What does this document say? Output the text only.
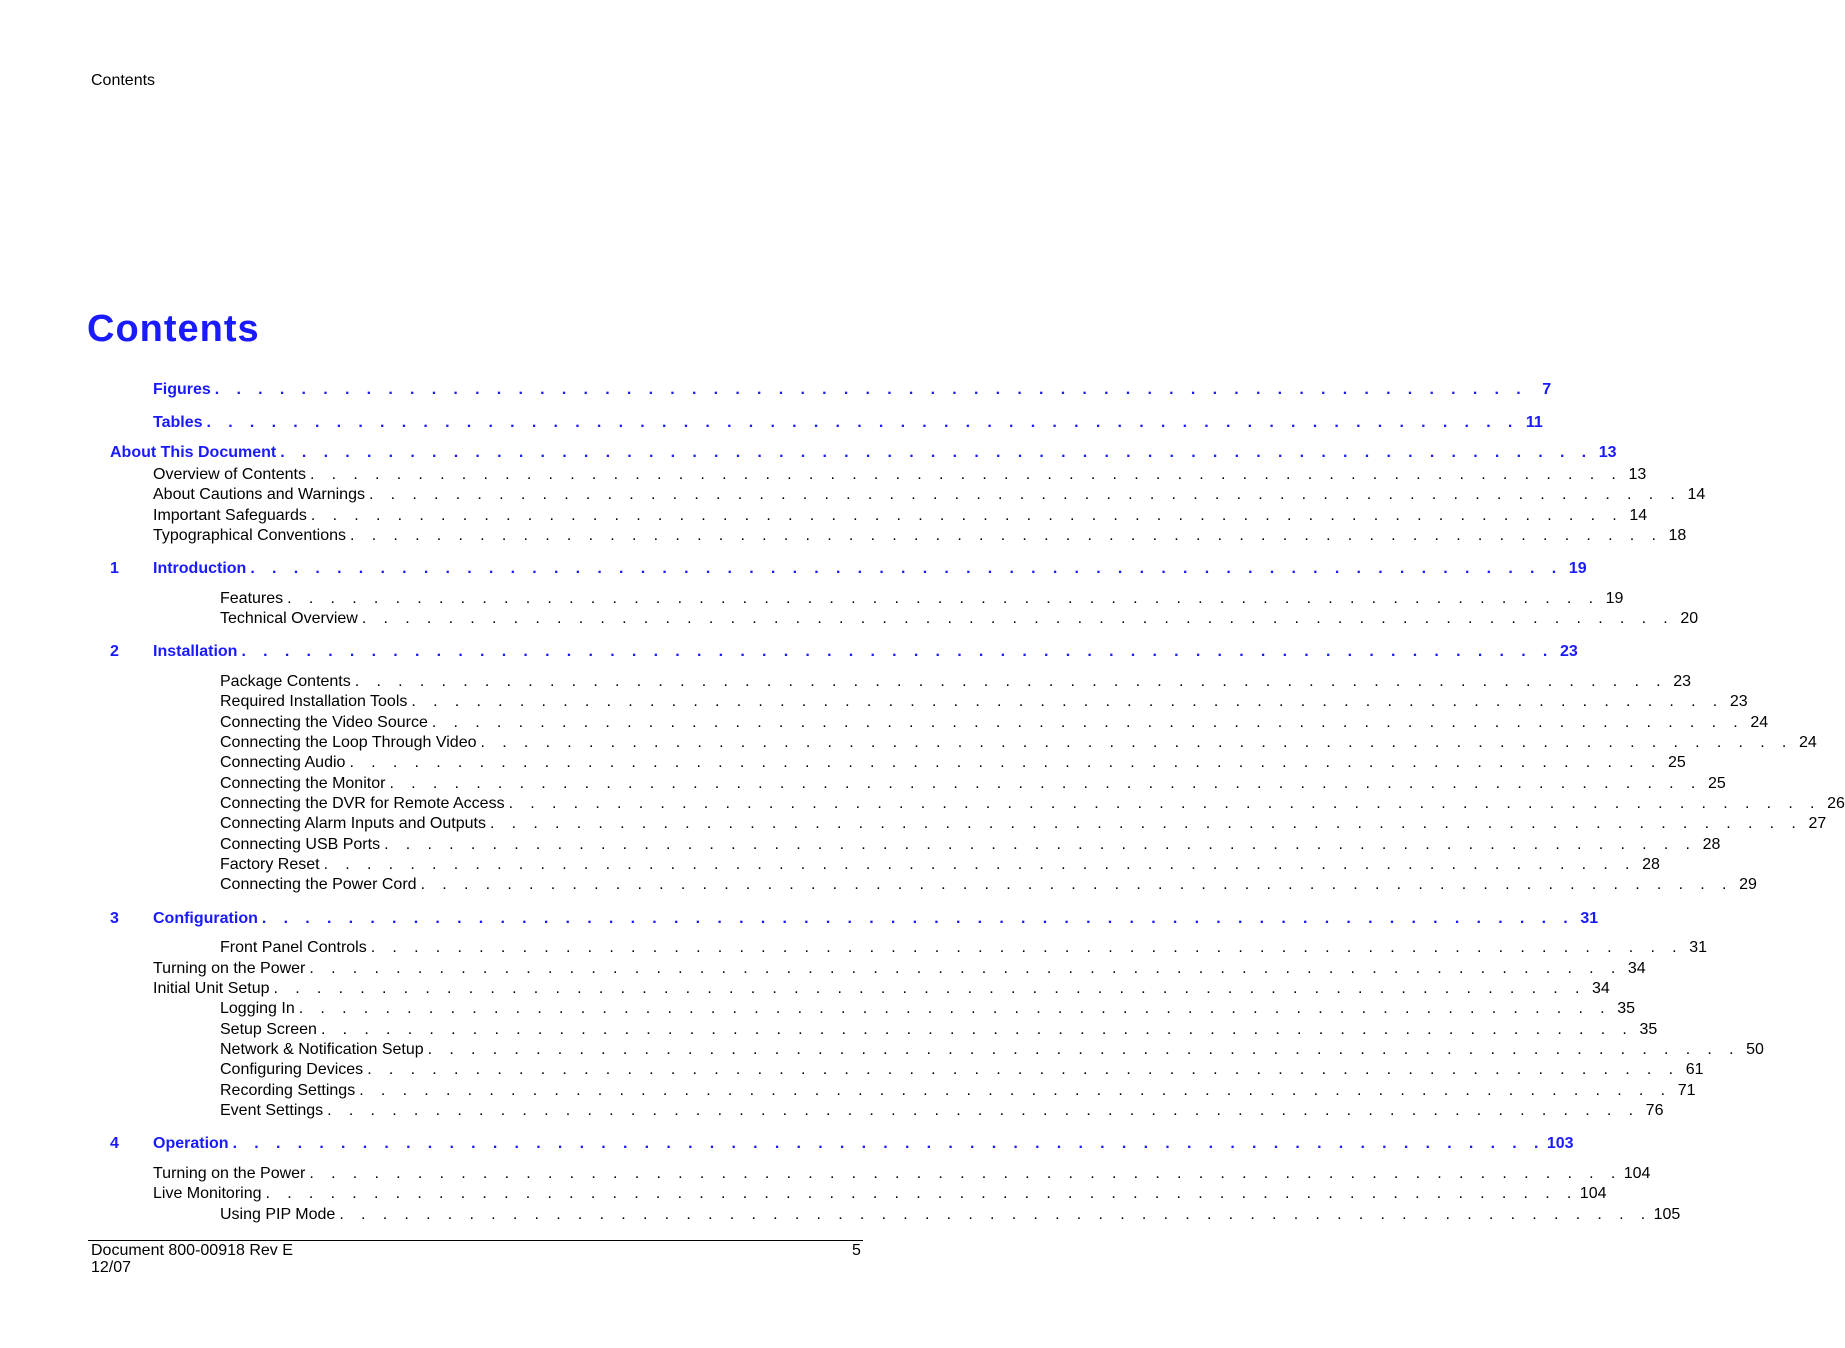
Contents
Contents
Figures . . . . . . . . . . . . . . . . . . . . . . . . . . . . . . . . . . . . . . . . . . . . . . . . . . . . . . . . . . . . . 7
Tables . . . . . . . . . . . . . . . . . . . . . . . . . . . . . . . . . . . . . . . . . . . . . . . . . . . . . . . . . . . . . 11
About This Document . . . . . . . . . . . . . . . . . . . . . . . . . . . . . . . . . . . . . . . . . . . . . . . . . . . . . . . . . . . . . 13
Overview of Contents . . . . . . . . . . . . . . . . . . . . . . . . . . . . . . . . . . . . . . . . . . . . . . . . . . . . . . . . . . . . . 13
About Cautions and Warnings . . . . . . . . . . . . . . . . . . . . . . . . . . . . . . . . . . . . . . . . . . . . . . . . . . . . . . . . . . . . . 14
Important Safeguards . . . . . . . . . . . . . . . . . . . . . . . . . . . . . . . . . . . . . . . . . . . . . . . . . . . . . . . . . . . . . 14
Typographical Conventions . . . . . . . . . . . . . . . . . . . . . . . . . . . . . . . . . . . . . . . . . . . . . . . . . . . . . . . . . . . . . 18
1 Introduction . . . . . . . . . . . . . . . . . . . . . . . . . . . . . . . . . . . . . . . . . . . . . . . . . . . . . . . . . . . . . 19
Features . . . . . . . . . . . . . . . . . . . . . . . . . . . . . . . . . . . . . . . . . . . . . . . . . . . . . . . . . . . . . 19
Technical Overview . . . . . . . . . . . . . . . . . . . . . . . . . . . . . . . . . . . . . . . . . . . . . . . . . . . . . . . . . . . . . 20
2 Installation . . . . . . . . . . . . . . . . . . . . . . . . . . . . . . . . . . . . . . . . . . . . . . . . . . . . . . . . . . . . . 23
Package Contents . . . . . . . . . . . . . . . . . . . . . . . . . . . . . . . . . . . . . . . . . . . . . . . . . . . . . . . . . . . . . 23
Required Installation Tools . . . . . . . . . . . . . . . . . . . . . . . . . . . . . . . . . . . . . . . . . . . . . . . . . . . . . . . . . . . . . 23
Connecting the Video Source . . . . . . . . . . . . . . . . . . . . . . . . . . . . . . . . . . . . . . . . . . . . . . . . . . . . . . . . . . . . . 24
Connecting the Loop Through Video . . . . . . . . . . . . . . . . . . . . . . . . . . . . . . . . . . . . . . . . . . . . . . . . . . . . . . . . . . . . . 24
Connecting Audio . . . . . . . . . . . . . . . . . . . . . . . . . . . . . . . . . . . . . . . . . . . . . . . . . . . . . . . . . . . . . 25
Connecting the Monitor . . . . . . . . . . . . . . . . . . . . . . . . . . . . . . . . . . . . . . . . . . . . . . . . . . . . . . . . . . . . . 25
Connecting the DVR for Remote Access . . . . . . . . . . . . . . . . . . . . . . . . . . . . . . . . . . . . . . . . . . . . . . . . . . . . . . . . . . . . . 26
Connecting Alarm Inputs and Outputs . . . . . . . . . . . . . . . . . . . . . . . . . . . . . . . . . . . . . . . . . . . . . . . . . . . . . . . . . . . . . 27
Connecting USB Ports . . . . . . . . . . . . . . . . . . . . . . . . . . . . . . . . . . . . . . . . . . . . . . . . . . . . . . . . . . . . . 28
Factory Reset . . . . . . . . . . . . . . . . . . . . . . . . . . . . . . . . . . . . . . . . . . . . . . . . . . . . . . . . . . . . . 28
Connecting the Power Cord . . . . . . . . . . . . . . . . . . . . . . . . . . . . . . . . . . . . . . . . . . . . . . . . . . . . . . . . . . . . . 29
3 Configuration . . . . . . . . . . . . . . . . . . . . . . . . . . . . . . . . . . . . . . . . . . . . . . . . . . . . . . . . . . . . . 31
Front Panel Controls . . . . . . . . . . . . . . . . . . . . . . . . . . . . . . . . . . . . . . . . . . . . . . . . . . . . . . . . . . . . . 31
Turning on the Power . . . . . . . . . . . . . . . . . . . . . . . . . . . . . . . . . . . . . . . . . . . . . . . . . . . . . . . . . . . . . 34
Initial Unit Setup . . . . . . . . . . . . . . . . . . . . . . . . . . . . . . . . . . . . . . . . . . . . . . . . . . . . . . . . . . . . . 34
Logging In . . . . . . . . . . . . . . . . . . . . . . . . . . . . . . . . . . . . . . . . . . . . . . . . . . . . . . . . . . . . . 35
Setup Screen . . . . . . . . . . . . . . . . . . . . . . . . . . . . . . . . . . . . . . . . . . . . . . . . . . . . . . . . . . . . . 35
Network & Notification Setup . . . . . . . . . . . . . . . . . . . . . . . . . . . . . . . . . . . . . . . . . . . . . . . . . . . . . . . . . . . . . 50
Configuring Devices . . . . . . . . . . . . . . . . . . . . . . . . . . . . . . . . . . . . . . . . . . . . . . . . . . . . . . . . . . . . . 61
Recording Settings . . . . . . . . . . . . . . . . . . . . . . . . . . . . . . . . . . . . . . . . . . . . . . . . . . . . . . . . . . . . . 71
Event Settings . . . . . . . . . . . . . . . . . . . . . . . . . . . . . . . . . . . . . . . . . . . . . . . . . . . . . . . . . . . . . 76
4 Operation . . . . . . . . . . . . . . . . . . . . . . . . . . . . . . . . . . . . . . . . . . . . . . . . . . . . . . . . . . . . . 103
Turning on the Power . . . . . . . . . . . . . . . . . . . . . . . . . . . . . . . . . . . . . . . . . . . . . . . . . . . . . . . . . . . . . 104
Live Monitoring . . . . . . . . . . . . . . . . . . . . . . . . . . . . . . . . . . . . . . . . . . . . . . . . . . . . . . . . . . . . . 104
Using PIP Mode . . . . . . . . . . . . . . . . . . . . . . . . . . . . . . . . . . . . . . . . . . . . . . . . . . . . . . . . . . . . . 105
Document 800-00918 Rev E
12/07
5
